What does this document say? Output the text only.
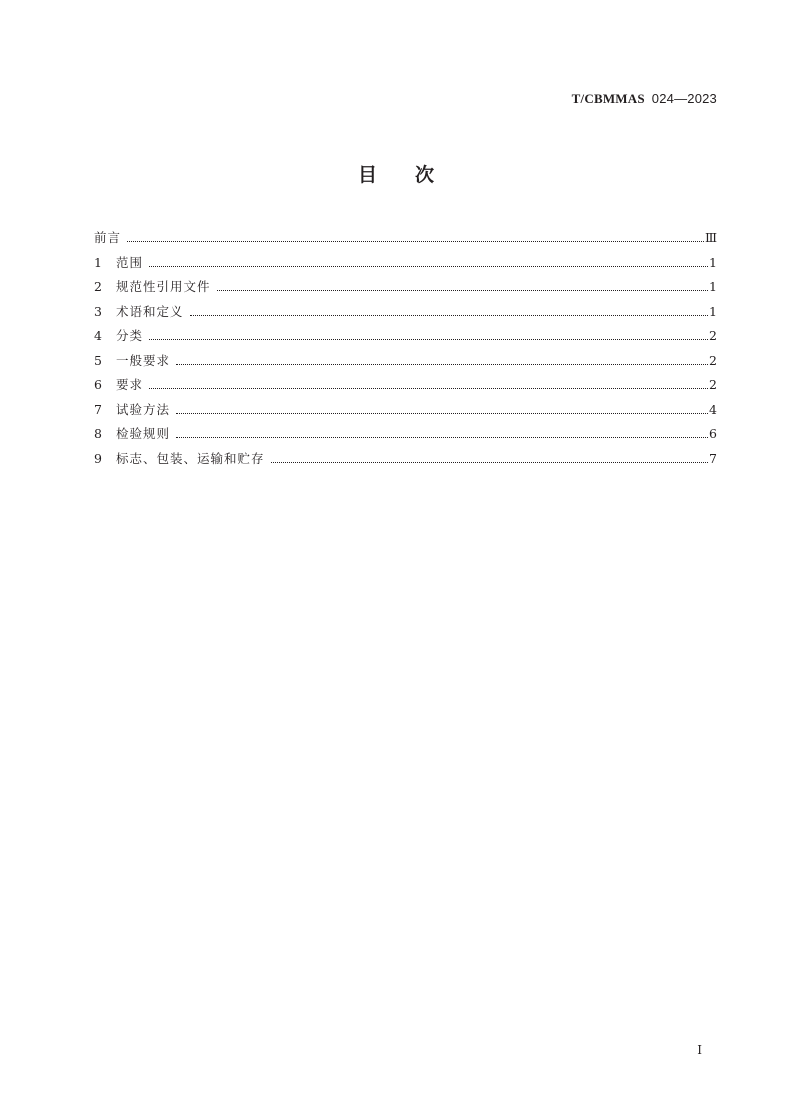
T/CBMMAS 024—2023
目次
前言	Ⅲ
1	范围	1
2	规范性引用文件	1
3	术语和定义	1
4	分类	2
5	一般要求	2
6	要求	2
7	试验方法	4
8	检验规则	6
9	标志、包装、运输和贮存	7
I
